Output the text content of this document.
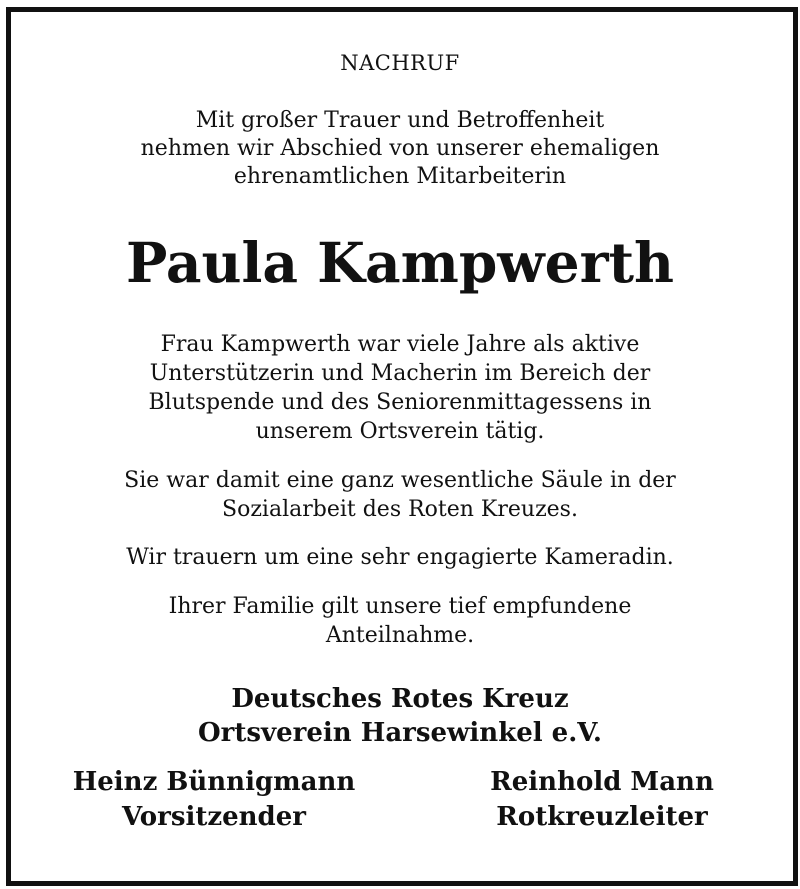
NACHRUF
Mit großer Trauer und Betroffenheit
nehmen wir Abschied von unserer ehemaligen
ehrenamtlichen Mitarbeiterin
Paula Kampwerth
Frau Kampwerth war viele Jahre als aktive
Unterstützerin und Macherin im Bereich der
Blutspende und des Seniorenmittagessens in
unserem Ortsverein tätig.
Sie war damit eine ganz wesentliche Säule in der
Sozialarbeit des Roten Kreuzes.
Wir trauern um eine sehr engagierte Kameradin.
Ihrer Familie gilt unsere tief empfundene
Anteilnahme.
Deutsches Rotes Kreuz
Ortsverein Harsewinkel e.V.
Heinz Bünnigmann
Vorsitzender
Reinhold Mann
Rotkreuzleiter
